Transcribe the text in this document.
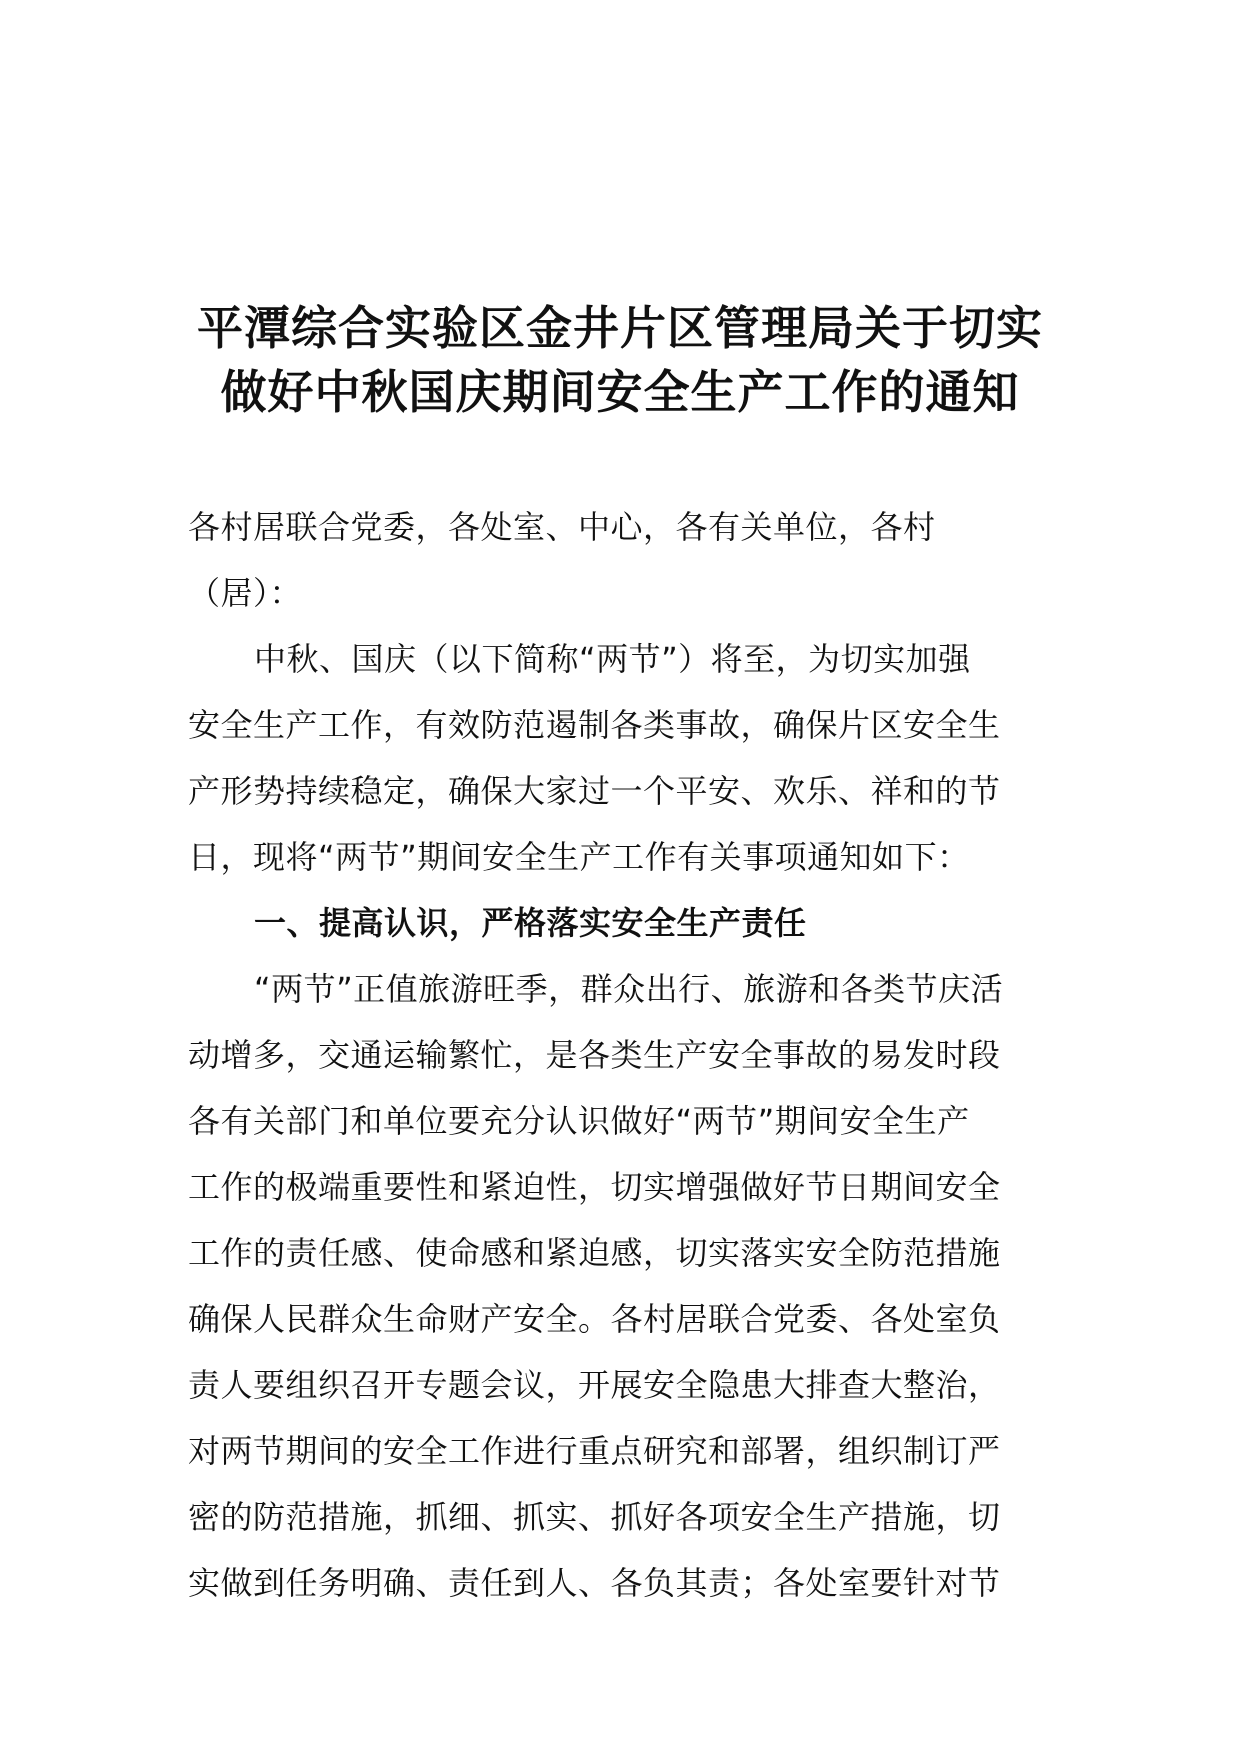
平潭综合实验区金井片区管理局关于切实
做好中秋国庆期间安全生产工作的通知
各村居联合党委，各处室、中心，各有关单位，各村
（居）：
中秋、国庆（以下简称“两节”）将至，为切实加强
安全生产工作，有效防范遏制各类事故，确保片区安全生
产形势持续稳定，确保大家过一个平安、欢乐、祥和的节
日，现将“两节”期间安全生产工作有关事项通知如下：
一、提高认识，严格落实安全生产责任
“两节”正值旅游旺季，群众出行、旅游和各类节庆活
动增多，交通运输繁忙，是各类生产安全事故的易发时段
各有关部门和单位要充分认识做好“两节”期间安全生产
工作的极端重要性和紧迫性，切实增强做好节日期间安全
工作的责任感、使命感和紧迫感，切实落实安全防范措施
确保人民群众生命财产安全。各村居联合党委、各处室负
责人要组织召开专题会议，开展安全隐患大排查大整治，
对两节期间的安全工作进行重点研究和部署，组织制订严
密的防范措施，抓细、抓实、抓好各项安全生产措施，切
实做到任务明确、责任到人、各负其责；各处室要针对节
